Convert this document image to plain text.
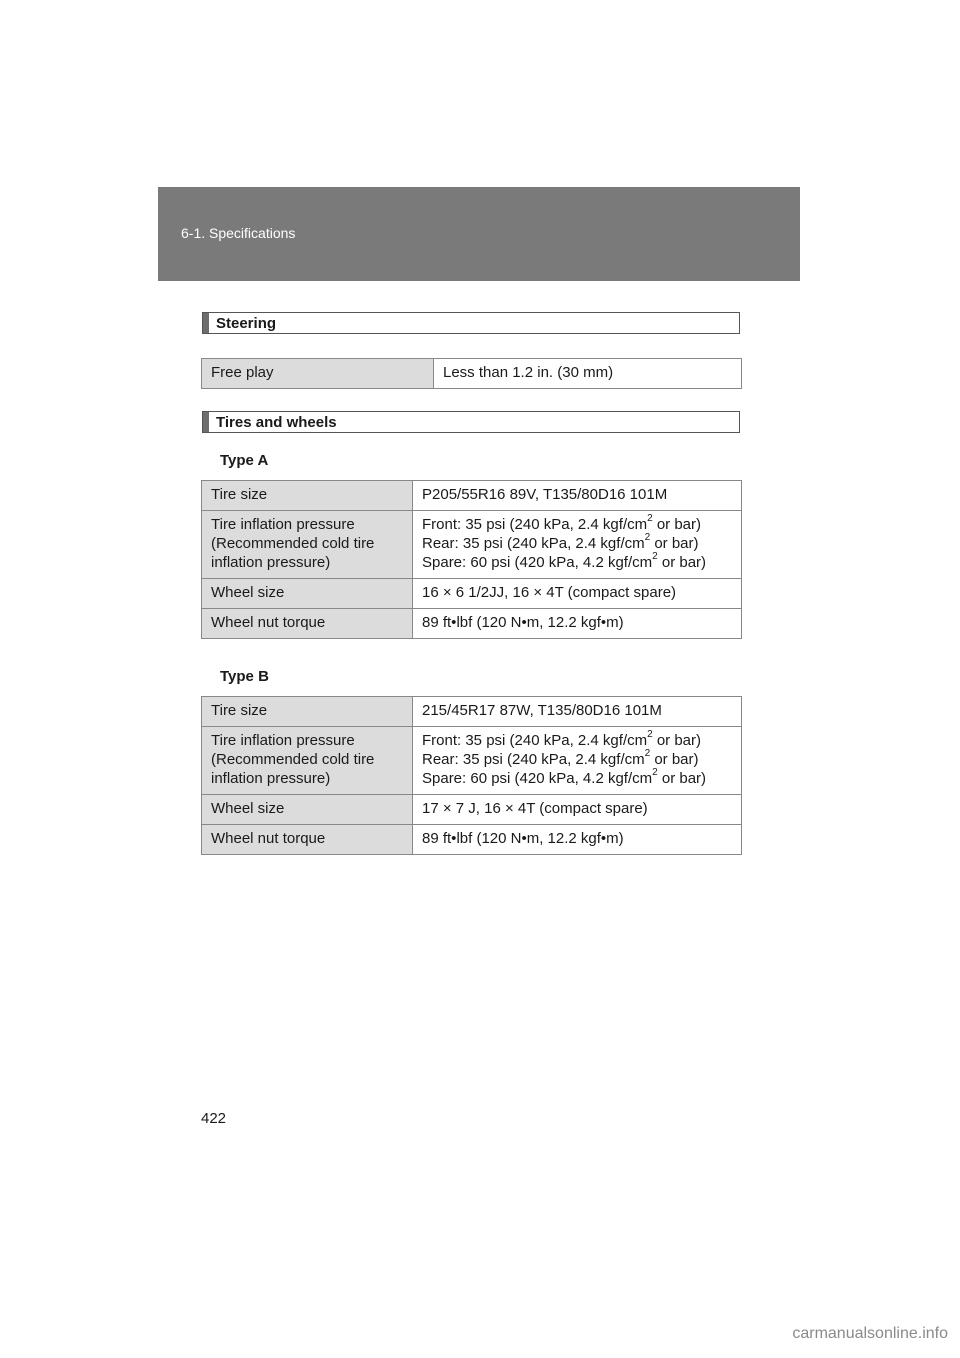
6-1. Specifications
Steering
Free play	Less than 1.2 in. (30 mm)
Tires and wheels
Type A
Tire size	P205/55R16 89V, T135/80D16 101M

Tire inflation pressure
(Recommended cold tire
inflation pressure)	Front: 35 psi (240 kPa, 2.4 kgf/$cm^2$ or bar)
Rear: 35 psi (240 kPa, 2.4 kgf/$cm^2$ or bar)
Spare: 60 psi (420 kPa, 4.2 kgf/$cm^2$ or bar)

Wheel size	16 × 6 1/2JJ, 16 × 4T (compact spare)
Wheel nut torque	89 ft•lbf (120 N•m, 12.2 kgf•m)
Type B
Tire size	215/45R17 87W, T135/80D16 101M

Tire inflation pressure
(Recommended cold tire
inflation pressure)	Front: 35 psi (240 kPa, 2.4 kgf/$cm^2$ or bar)
Rear: 35 psi (240 kPa, 2.4 kgf/$cm^2$ or bar)
Spare: 60 psi (420 kPa, 4.2 kgf/$cm^2$ or bar)

Wheel size	17 × 7 J, 16 × 4T (compact spare)
Wheel nut torque	89 ft•lbf (120 N•m, 12.2 kgf•m)
422
carmanualsonline.info
